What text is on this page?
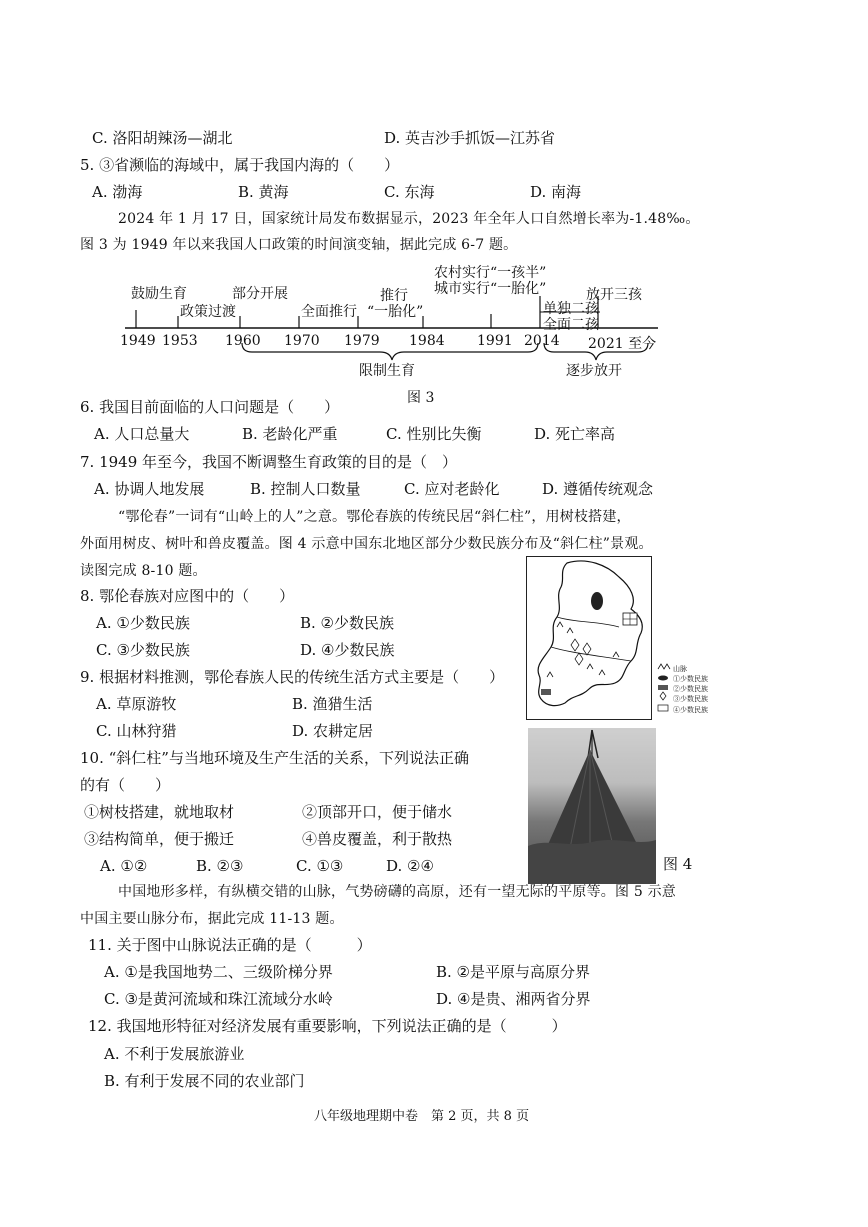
C. 洛阳胡辣汤—湖北	D. 英吉沙手抓饭—江苏省
5. ③省濒临的海域中，属于我国内海的（　　）
A. 渤海	B. 黄海	C. 东海	D. 南海
2024 年 1 月 17 日，国家统计局发布数据显示，2023 年全年人口自然增长率为-1.48‰。
图 3 为 1949 年以来我国人口政策的时间演变轴，据此完成 6-7 题。
鼓励生育
政策过渡
部分开展
全面推行
推行
“一胎化”
农村实行“一孩半”
城市实行“一胎化”
单独二孩
全面二孩
放开三孩
1949 1953 1960 1970 1979 1984 1991 2014 2021 至今
限制生育	逐步放开
图 3
6. 我国目前面临的人口问题是（　　）
A. 人口总量大	B. 老龄化严重	C. 性别比失衡	D. 死亡率高
7. 1949 年至今，我国不断调整生育政策的目的是（　）
A. 协调人地发展	B. 控制人口数量	C. 应对老龄化	D. 遵循传统观念
“鄂伦春”一词有“山岭上的人”之意。鄂伦春族的传统民居“斜仁柱”，用树枝搭建，
外面用树皮、树叶和兽皮覆盖。图 4 示意中国东北地区部分少数民族分布及“斜仁柱”景观。
读图完成 8-10 题。
山脉
①少数民族
②少数民族
③少数民族
④少数民族
8. 鄂伦春族对应图中的（　　）
A. ①少数民族	B. ②少数民族
C. ③少数民族	D. ④少数民族
9. 根据材料推测，鄂伦春族人民的传统生活方式主要是（　　）
A. 草原游牧	B. 渔猎生活
C. 山林狩猎	D. 农耕定居
图 4
10. “斜仁柱”与当地环境及生产生活的关系，下列说法正确
的有（　　）
①树枝搭建，就地取材	②顶部开口，便于储水
③结构简单，便于搬迁	④兽皮覆盖，利于散热
A. ①②	B. ②③	C. ①③	D. ②④
中国地形多样，有纵横交错的山脉，气势磅礴的高原，还有一望无际的平原等。图 5 示意
中国主要山脉分布，据此完成 11-13 题。
11. 关于图中山脉说法正确的是（　　　）
A. ①是我国地势二、三级阶梯分界	B. ②是平原与高原分界
C. ③是黄河流域和珠江流域分水岭	D. ④是贵、湘两省分界
12. 我国地形特征对经济发展有重要影响，下列说法正确的是（　　　）
A. 不利于发展旅游业
B. 有利于发展不同的农业部门
八年级地理期中卷　第 2 页，共 8 页
